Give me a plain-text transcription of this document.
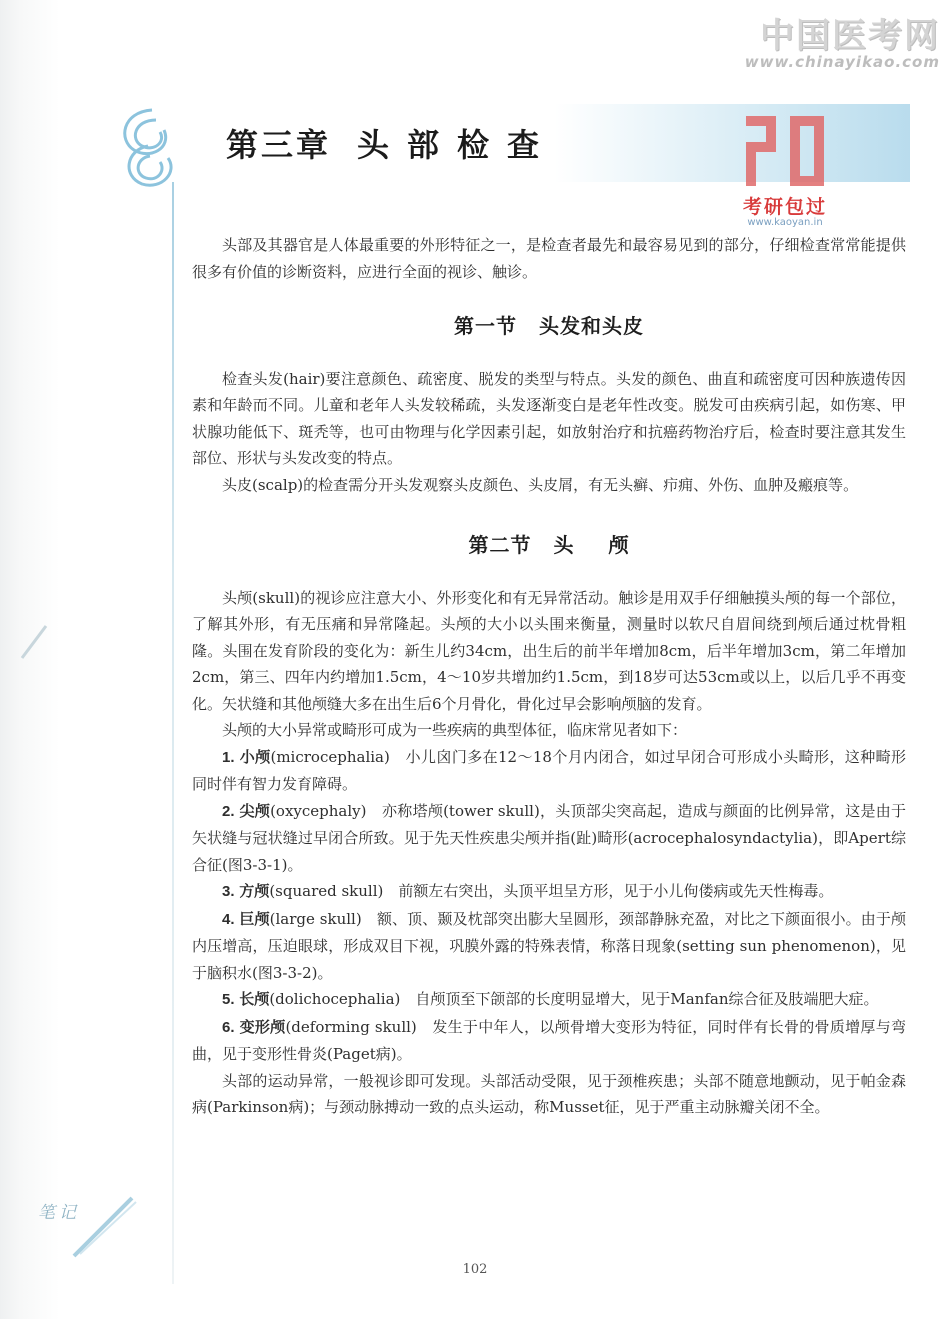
中国医考网
www.chinayikao.com
第三章 头部检查
考研包过
www.kaoyan.in

头部及其器官是人体最重要的外形特征之一，是检查者最先和最容易见到的部分，仔细检查常常能提供很多有价值的诊断资料，应进行全面的视诊、触诊。

第一节 头发和头皮

检查头发(hair)要注意颜色、疏密度、脱发的类型与特点。头发的颜色、曲直和疏密度可因种族遗传因素和年龄而不同。儿童和老年人头发较稀疏，头发逐渐变白是老年性改变。脱发可由疾病引起，如伤寒、甲状腺功能低下、斑秃等，也可由物理与化学因素引起，如放射治疗和抗癌药物治疗后，检查时要注意其发生部位、形状与头发改变的特点。

头皮(scalp)的检查需分开头发观察头皮颜色、头皮屑，有无头癣、疖痈、外伤、血肿及瘢痕等。

第二节 头 颅

头颅(skull)的视诊应注意大小、外形变化和有无异常活动。触诊是用双手仔细触摸头颅的每一个部位，了解其外形，有无压痛和异常隆起。头颅的大小以头围来衡量，测量时以软尺自眉间绕到颅后通过枕骨粗隆。头围在发育阶段的变化为：新生儿约34cm，出生后的前半年增加8cm，后半年增加3cm，第二年增加2cm，第三、四年内约增加1.5cm，4～10岁共增加约1.5cm，到18岁可达53cm或以上，以后几乎不再变化。矢状缝和其他颅缝大多在出生后6个月骨化，骨化过早会影响颅脑的发育。

头颅的大小异常或畸形可成为一些疾病的典型体征，临床常见者如下：

1. 小颅(microcephalia)　 小儿囟门多在12～18个月内闭合，如过早闭合可形成小头畸形，这种畸形同时伴有智力发育障碍。

2. 尖颅(oxycephaly)　 亦称塔颅(tower skull)，头顶部尖突高起，造成与颜面的比例异常，这是由于矢状缝与冠状缝过早闭合所致。见于先天性疾患尖颅并指(趾)畸形(acrocephalosyndactylia)，即Apert综合征(图3-3-1)。

3. 方颅(squared skull)　 前额左右突出，头顶平坦呈方形，见于小儿佝偻病或先天性梅毒。

4. 巨颅(large skull)　 额、顶、颞及枕部突出膨大呈圆形，颈部静脉充盈，对比之下颜面很小。由于颅内压增高，压迫眼球，形成双目下视，巩膜外露的特殊表情，称落日现象(setting sun phenomenon)，见于脑积水(图3-3-2)。

5. 长颅(dolichocephalia)　 自颅顶至下颌部的长度明显增大，见于Manfan综合征及肢端肥大症。

6. 变形颅(deforming skull)　 发生于中年人，以颅骨增大变形为特征，同时伴有长骨的骨质增厚与弯曲，见于变形性骨炎(Paget病)。

头部的运动异常，一般视诊即可发现。头部活动受限，见于颈椎疾患；头部不随意地颤动，见于帕金森病(Parkinson病)；与颈动脉搏动一致的点头运动，称Musset征，见于严重主动脉瓣关闭不全。

笔记
102
